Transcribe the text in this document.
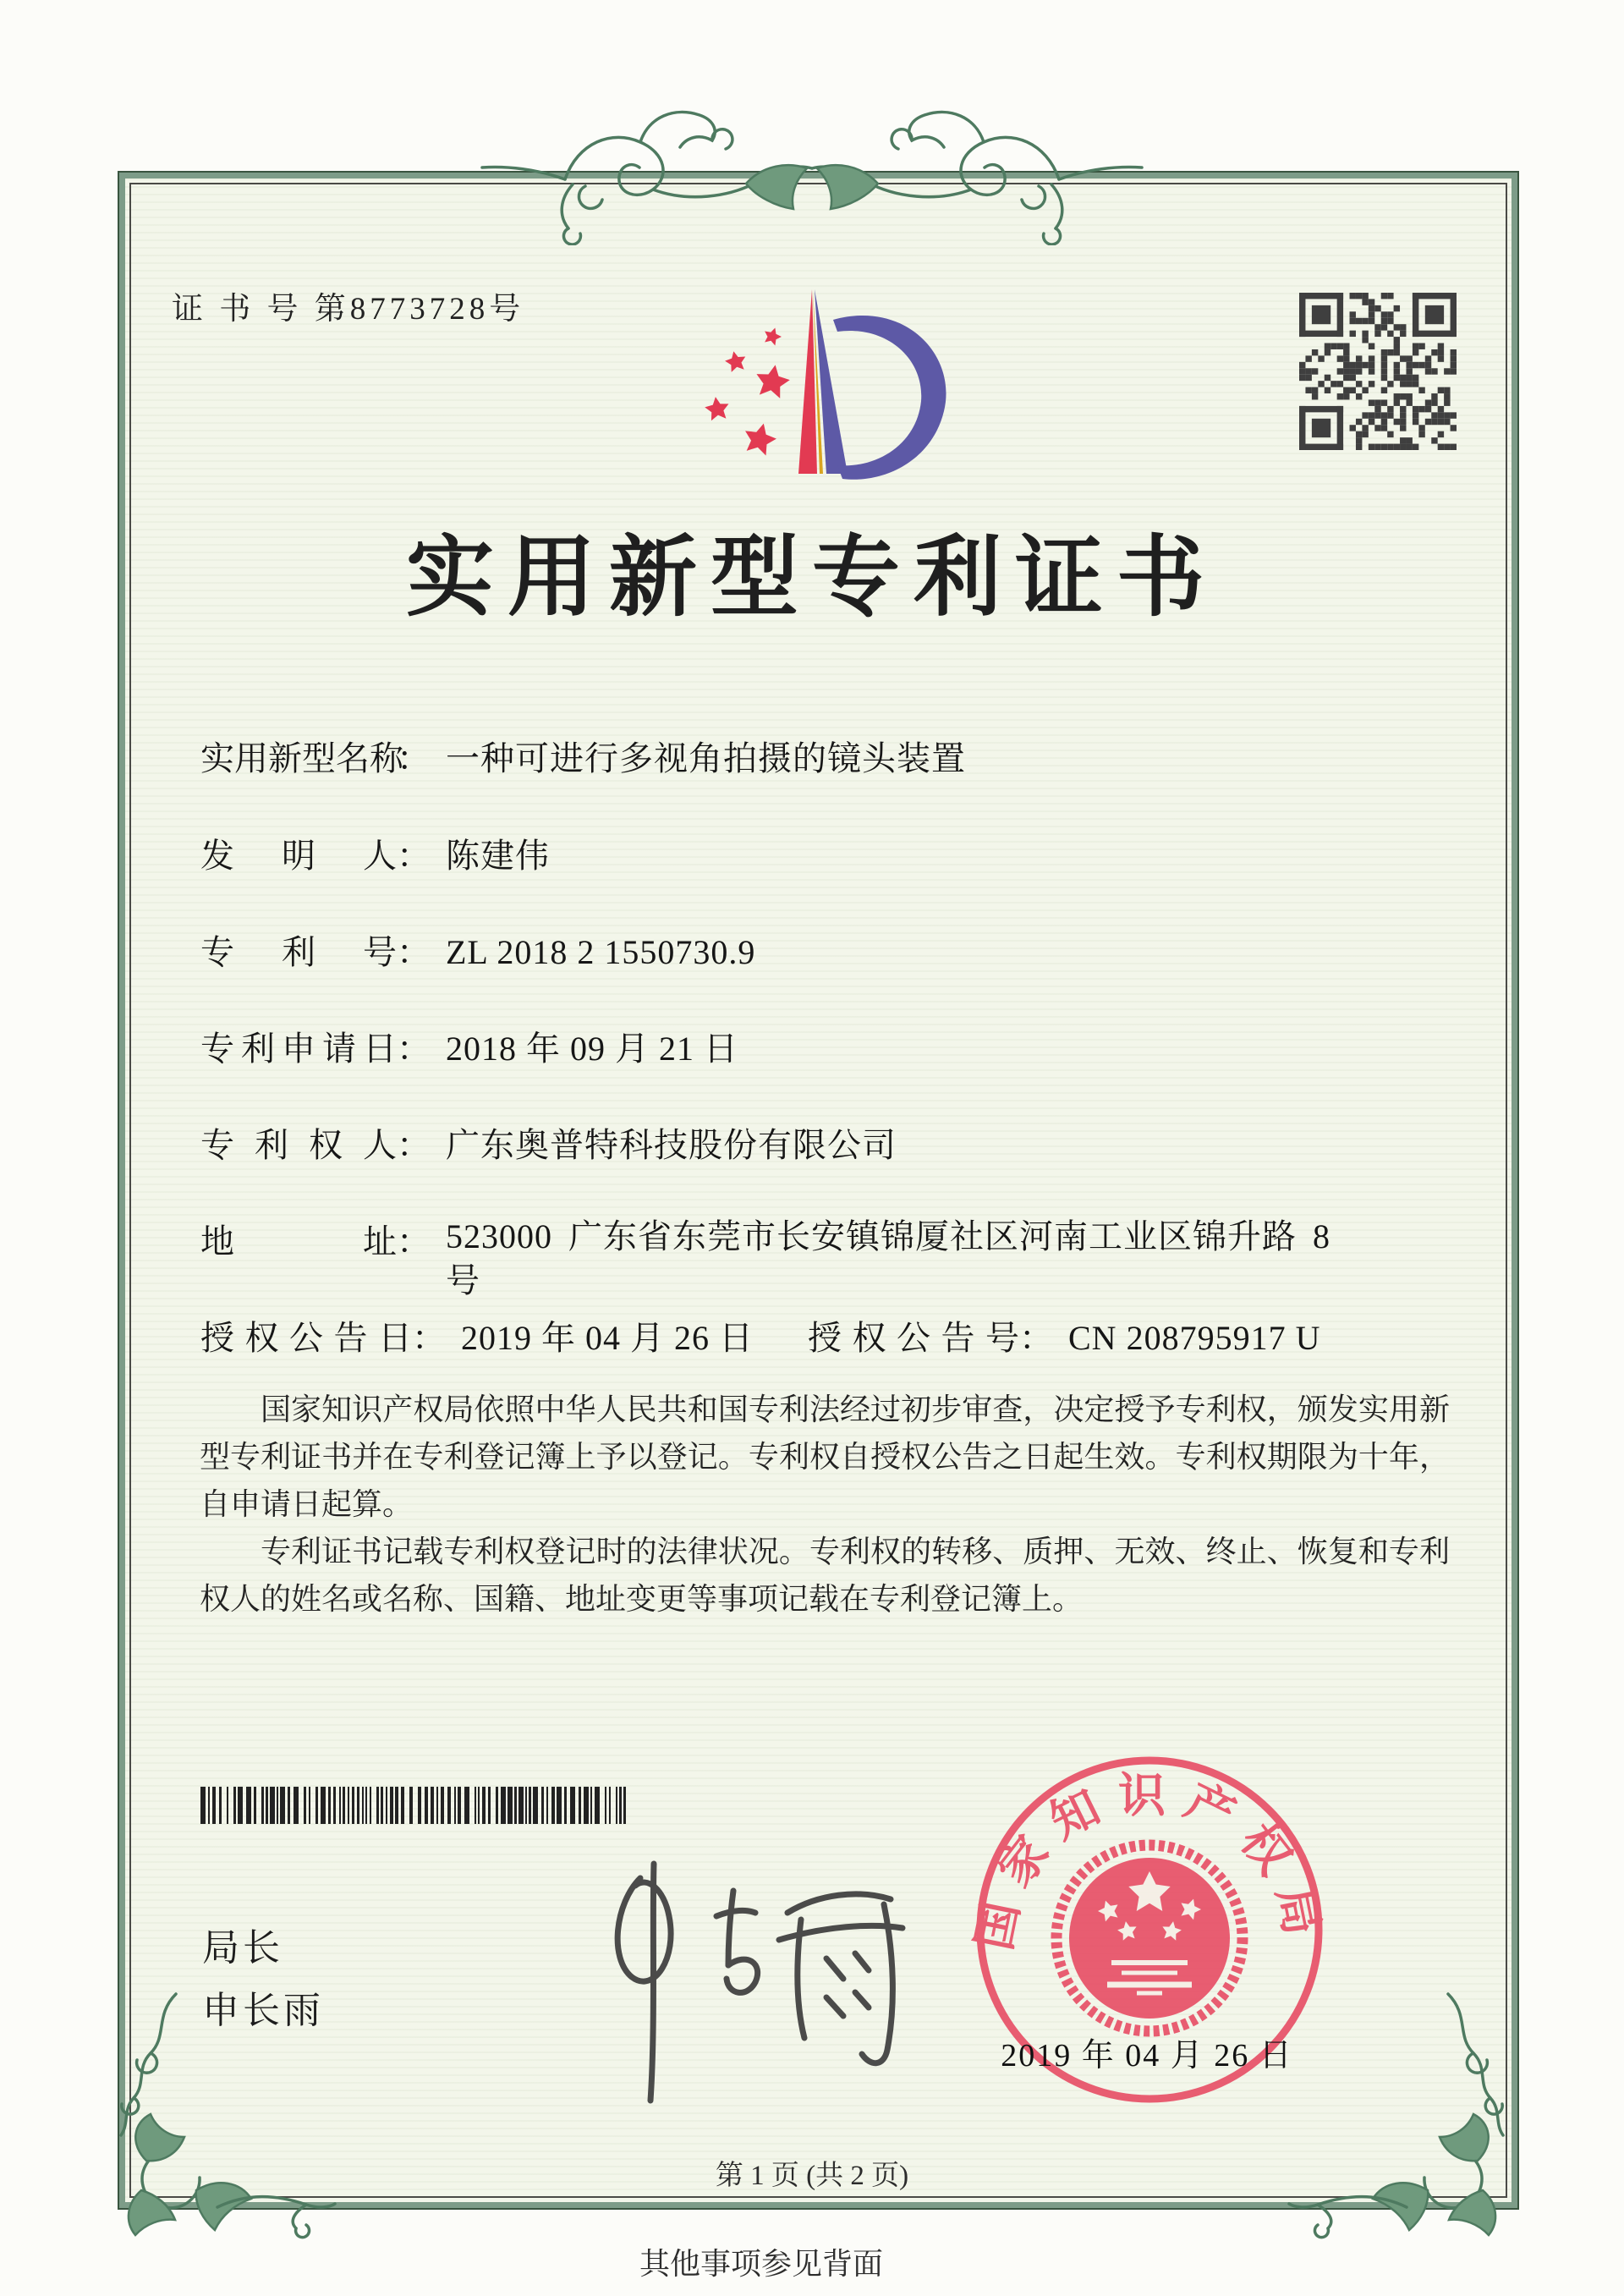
证 书 号 第8773728号
实用新型专利证书
实用新型名称： 一种可进行多视角拍摄的镜头装置
发明人： 陈建伟
专利号： ZL 2018 2 1550730.9
专利申请日： 2018 年 09 月 21 日
专利权人： 广东奥普特科技股份有限公司
地址： 523000 广东省东莞市长安镇锦厦社区河南工业区锦升路 8
号
授权公告日： 2019 年 04 月 26 日 授权公告号： CN 208795917 U

国家知识产权局依照中华人民共和国专利法经过初步审查，决定授予专利权，颁发实用新型专利证书并在专利登记簿上予以登记。专利权自授权公告之日起生效。专利权期限为十年，自申请日起算。

专利证书记载专利权登记时的法律状况。专利权的转移、质押、无效、终止、恢复和专利权人的姓名或名称、国籍、地址变更等事项记载在专利登记簿上。

局长
申长雨
国家知识产权局
2019 年 04 月 26 日
第 1 页 (共 2 页)
其他事项参见背面
